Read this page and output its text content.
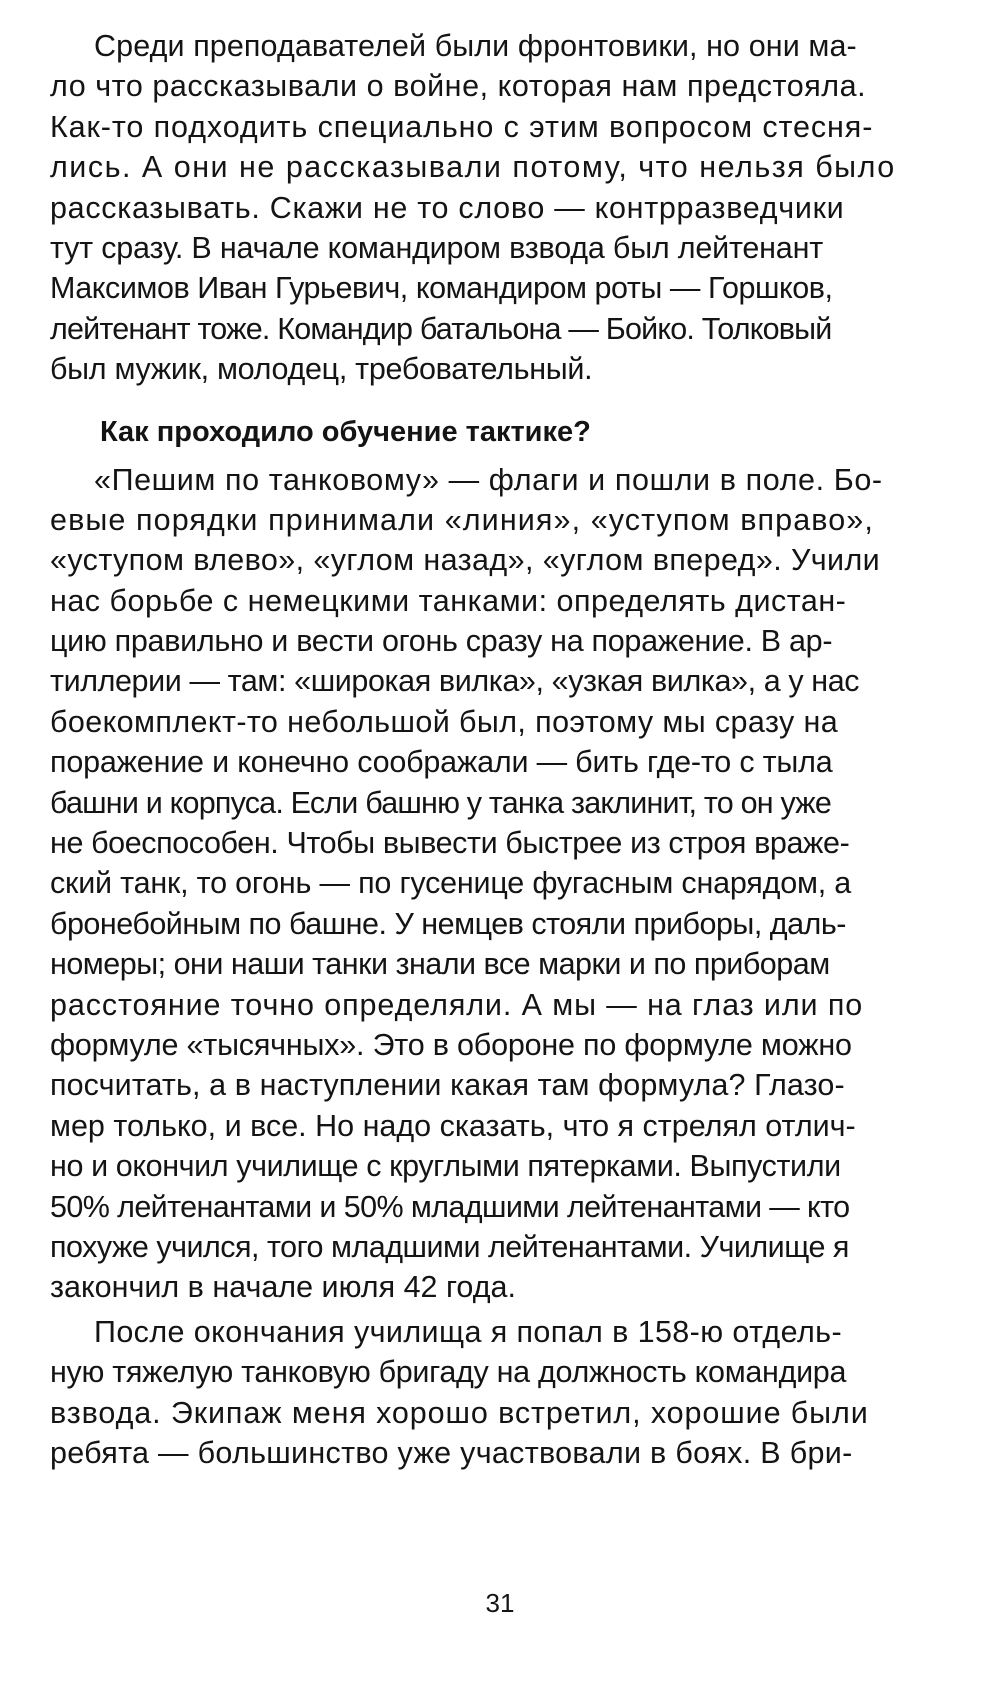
Среди преподавателей были фронтовики, но они ма-
ло что рассказывали о войне, которая нам предстояла.
Как-то подходить специально с этим вопросом стесня-
лись. А они не рассказывали потому, что нельзя было
рассказывать. Скажи не то слово — контрразведчики
тут сразу. В начале командиром взвода был лейтенант
Максимов Иван Гурьевич, командиром роты — Горшков,
лейтенант тоже. Командир батальона — Бойко. Толковый
был мужик, молодец, требовательный.
Как проходило обучение тактике?
«Пешим по танковому» — флаги и пошли в поле. Бо-
евые порядки принимали «линия», «уступом вправо»,
«уступом влево», «углом назад», «углом вперед». Учили
нас борьбе с немецкими танками: определять дистан-
цию правильно и вести огонь сразу на поражение. В ар-
тиллерии — там: «широкая вилка», «узкая вилка», а у нас
боекомплект-то небольшой был, поэтому мы сразу на
поражение и конечно соображали — бить где-то с тыла
башни и корпуса. Если башню у танка заклинит, то он уже
не боеспособен. Чтобы вывести быстрее из строя враже-
ский танк, то огонь — по гусенице фугасным снарядом, а
бронебойным по башне. У немцев стояли приборы, даль-
номеры; они наши танки знали все марки и по приборам
расстояние точно определяли. А мы — на глаз или по
формуле «тысячных». Это в обороне по формуле можно
посчитать, а в наступлении какая там формула? Глазо-
мер только, и все. Но надо сказать, что я стрелял отлич-
но и окончил училище с круглыми пятерками. Выпустили
50% лейтенантами и 50% младшими лейтенантами — кто
похуже учился, того младшими лейтенантами. Училище я
закончил в начале июля 42 года.
После окончания училища я попал в 158-ю отдель-
ную тяжелую танковую бригаду на должность командира
взвода. Экипаж меня хорошо встретил, хорошие были
ребята — большинство уже участвовали в боях. В бри-
31
